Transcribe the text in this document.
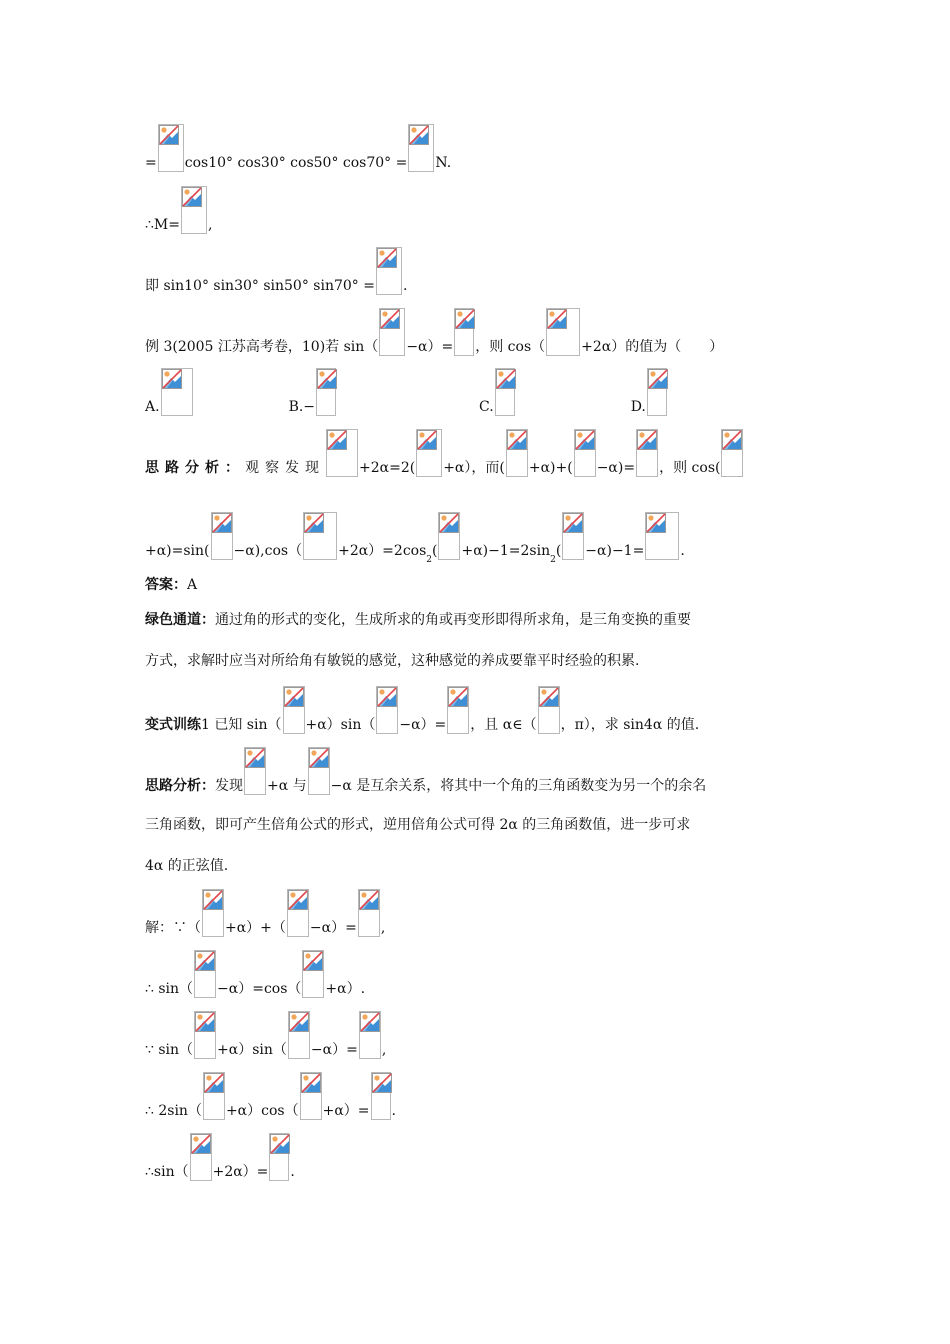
= cos10° cos30° cos50° cos70° = N.
∴M= ,
即 sin10° sin30° sin50° sin70° = .
例 3(2005 江苏高考卷，10)若 sin（ −α）= ，则 cos（	+2α）的值为（　　）
A.	B.−	C.	D.
思路分析： 观察发现 +2α=2( +α），而( +α)+( −α)= ，则 cos(
+α)=sin( −α),cos（	+2α）=2cos
2
( +α)−1=2sin
2
( −α)−1=	.
答案： A
绿色通道： 通过角的形式的变化，生成所求的角或再变形即得所求角，是三角变换的重要
方式，求解时应当对所给角有敏锐的感觉，这种感觉的养成要靠平时经验的积累.
变式训练 1 已知 sin（ +α）sin（ −α）= ，且 α∈（ ，π），求 sin4α 的值.
思路分析： 发现 +α 与 −α 是互余关系，将其中一个角的三角函数变为另一个的余名
三角函数，即可产生倍角公式的形式，逆用倍角公式可得 2α 的三角函数值，进一步可求
4α 的正弦值.
解：∵（ +α）+（ −α）= ,
∴ sin（ −α）=cos（ +α）.
∵ sin（ +α）sin（ −α）= ,
∴ 2sin（ +α）cos（ +α）= .
∴sin（ +2α）= .
